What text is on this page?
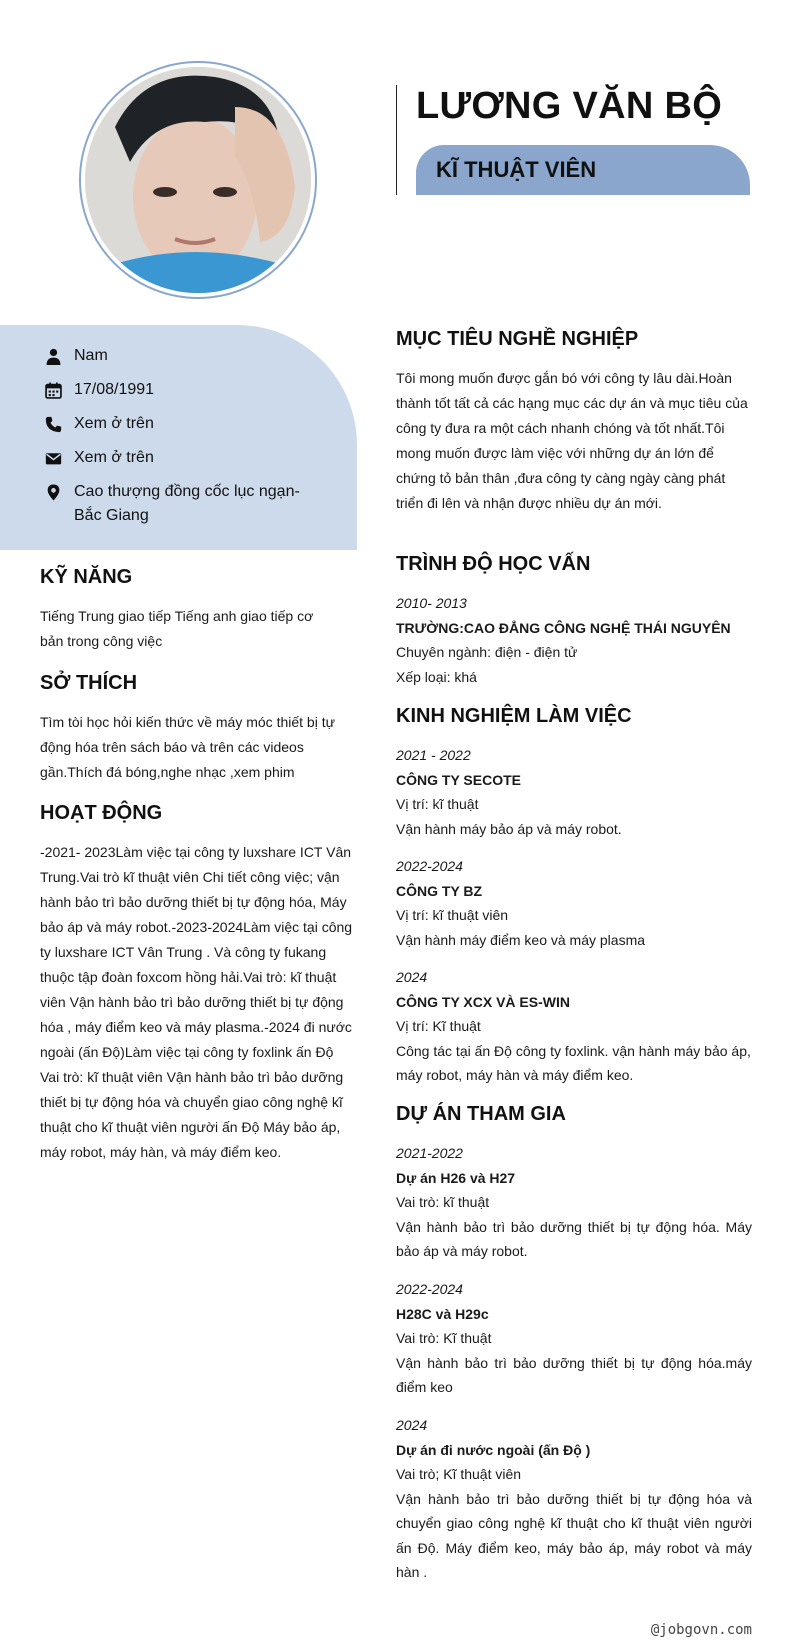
LƯƠNG VĂN BỘ
KĨ THUẬT VIÊN
Nam
17/08/1991
Xem ở trên
Xem ở trên
Cao thượng đồng cốc lục ngạn-Bắc Giang
KỸ NĂNG
Tiếng Trung giao tiếp Tiếng anh giao tiếp cơ bản trong công việc
SỞ THÍCH
Tìm tòi học hỏi kiến thức về máy móc thiết bị tự động hóa trên sách báo và trên các videos gần.Thích đá bóng,nghe nhạc ,xem phim
HOẠT ĐỘNG
-2021- 2023Làm việc tại công ty luxshare ICT Vân Trung.Vai trò kĩ thuật viên Chi tiết công việc; vận hành bảo trì bảo dưỡng thiết bị tự động hóa, Máy bảo áp và máy robot.-2023-2024Làm việc tại công ty luxshare ICT Vân Trung . Và công ty fukang thuộc tập đoàn foxcom hồng hải.Vai trò: kĩ thuật viên Vận hành bảo trì bảo dưỡng thiết bị tự động hóa , máy điểm keo và máy plasma.-2024 đi nước ngoài (ấn Độ)Làm việc tại công ty foxlink ấn Độ Vai trò: kĩ thuật viên Vận hành bảo trì bảo dưỡng thiết bị tự động hóa và chuyển giao công nghệ kĩ thuật cho kĩ thuật viên người ấn Độ Máy bảo áp, máy robot, máy hàn, và máy điểm keo.
MỤC TIÊU NGHỀ NGHIỆP
Tôi mong muốn được gắn bó với công ty lâu dài.Hoàn thành tốt tất cả các hạng mục các dự án và mục tiêu của công ty đưa ra một cách nhanh chóng và tốt nhất.Tôi mong muốn được làm việc với những dự án lớn để chứng tỏ bản thân ,đưa công ty càng ngày càng phát triển đi lên và nhận được nhiều dự án mới.
TRÌNH ĐỘ HỌC VẤN
2010- 2013
TRƯỜNG:CAO ĐẲNG CÔNG NGHỆ THÁI NGUYÊN
Chuyên ngành: điện - điện tử
Xếp loại: khá
KINH NGHIỆM LÀM VIỆC
2021 - 2022
CÔNG TY SECOTE
Vị trí: kĩ thuật
Vận hành máy bảo áp và máy robot.
2022-2024
CÔNG TY BZ
Vị trí: kĩ thuật viên
Vận hành máy điểm keo và máy plasma
2024
CÔNG TY XCX VÀ ES-WIN
Vị trí: Kĩ thuật
Công tác tại ấn Độ công ty foxlink. vận hành máy bảo áp, máy robot, máy hàn và máy điểm keo.
DỰ ÁN THAM GIA
2021-2022
Dự án H26 và H27
Vai trò: kĩ thuật
Vận hành bảo trì bảo dưỡng thiết bị tự động hóa. Máy bảo áp và máy robot.
2022-2024
H28C và H29c
Vai trò: Kĩ thuật
Vận hành bảo trì bảo dưỡng thiết bị tự động hóa.máy điểm keo
2024
Dự án đi nước ngoài (ấn Độ )
Vai trò; Kĩ thuật viên
Vận hành bảo trì bảo dưỡng thiết bị tự động hóa và chuyển giao công nghệ kĩ thuật cho kĩ thuật viên người ấn Độ. Máy điểm keo, máy bảo áp, máy robot và máy hàn .
@jobgovn.com
